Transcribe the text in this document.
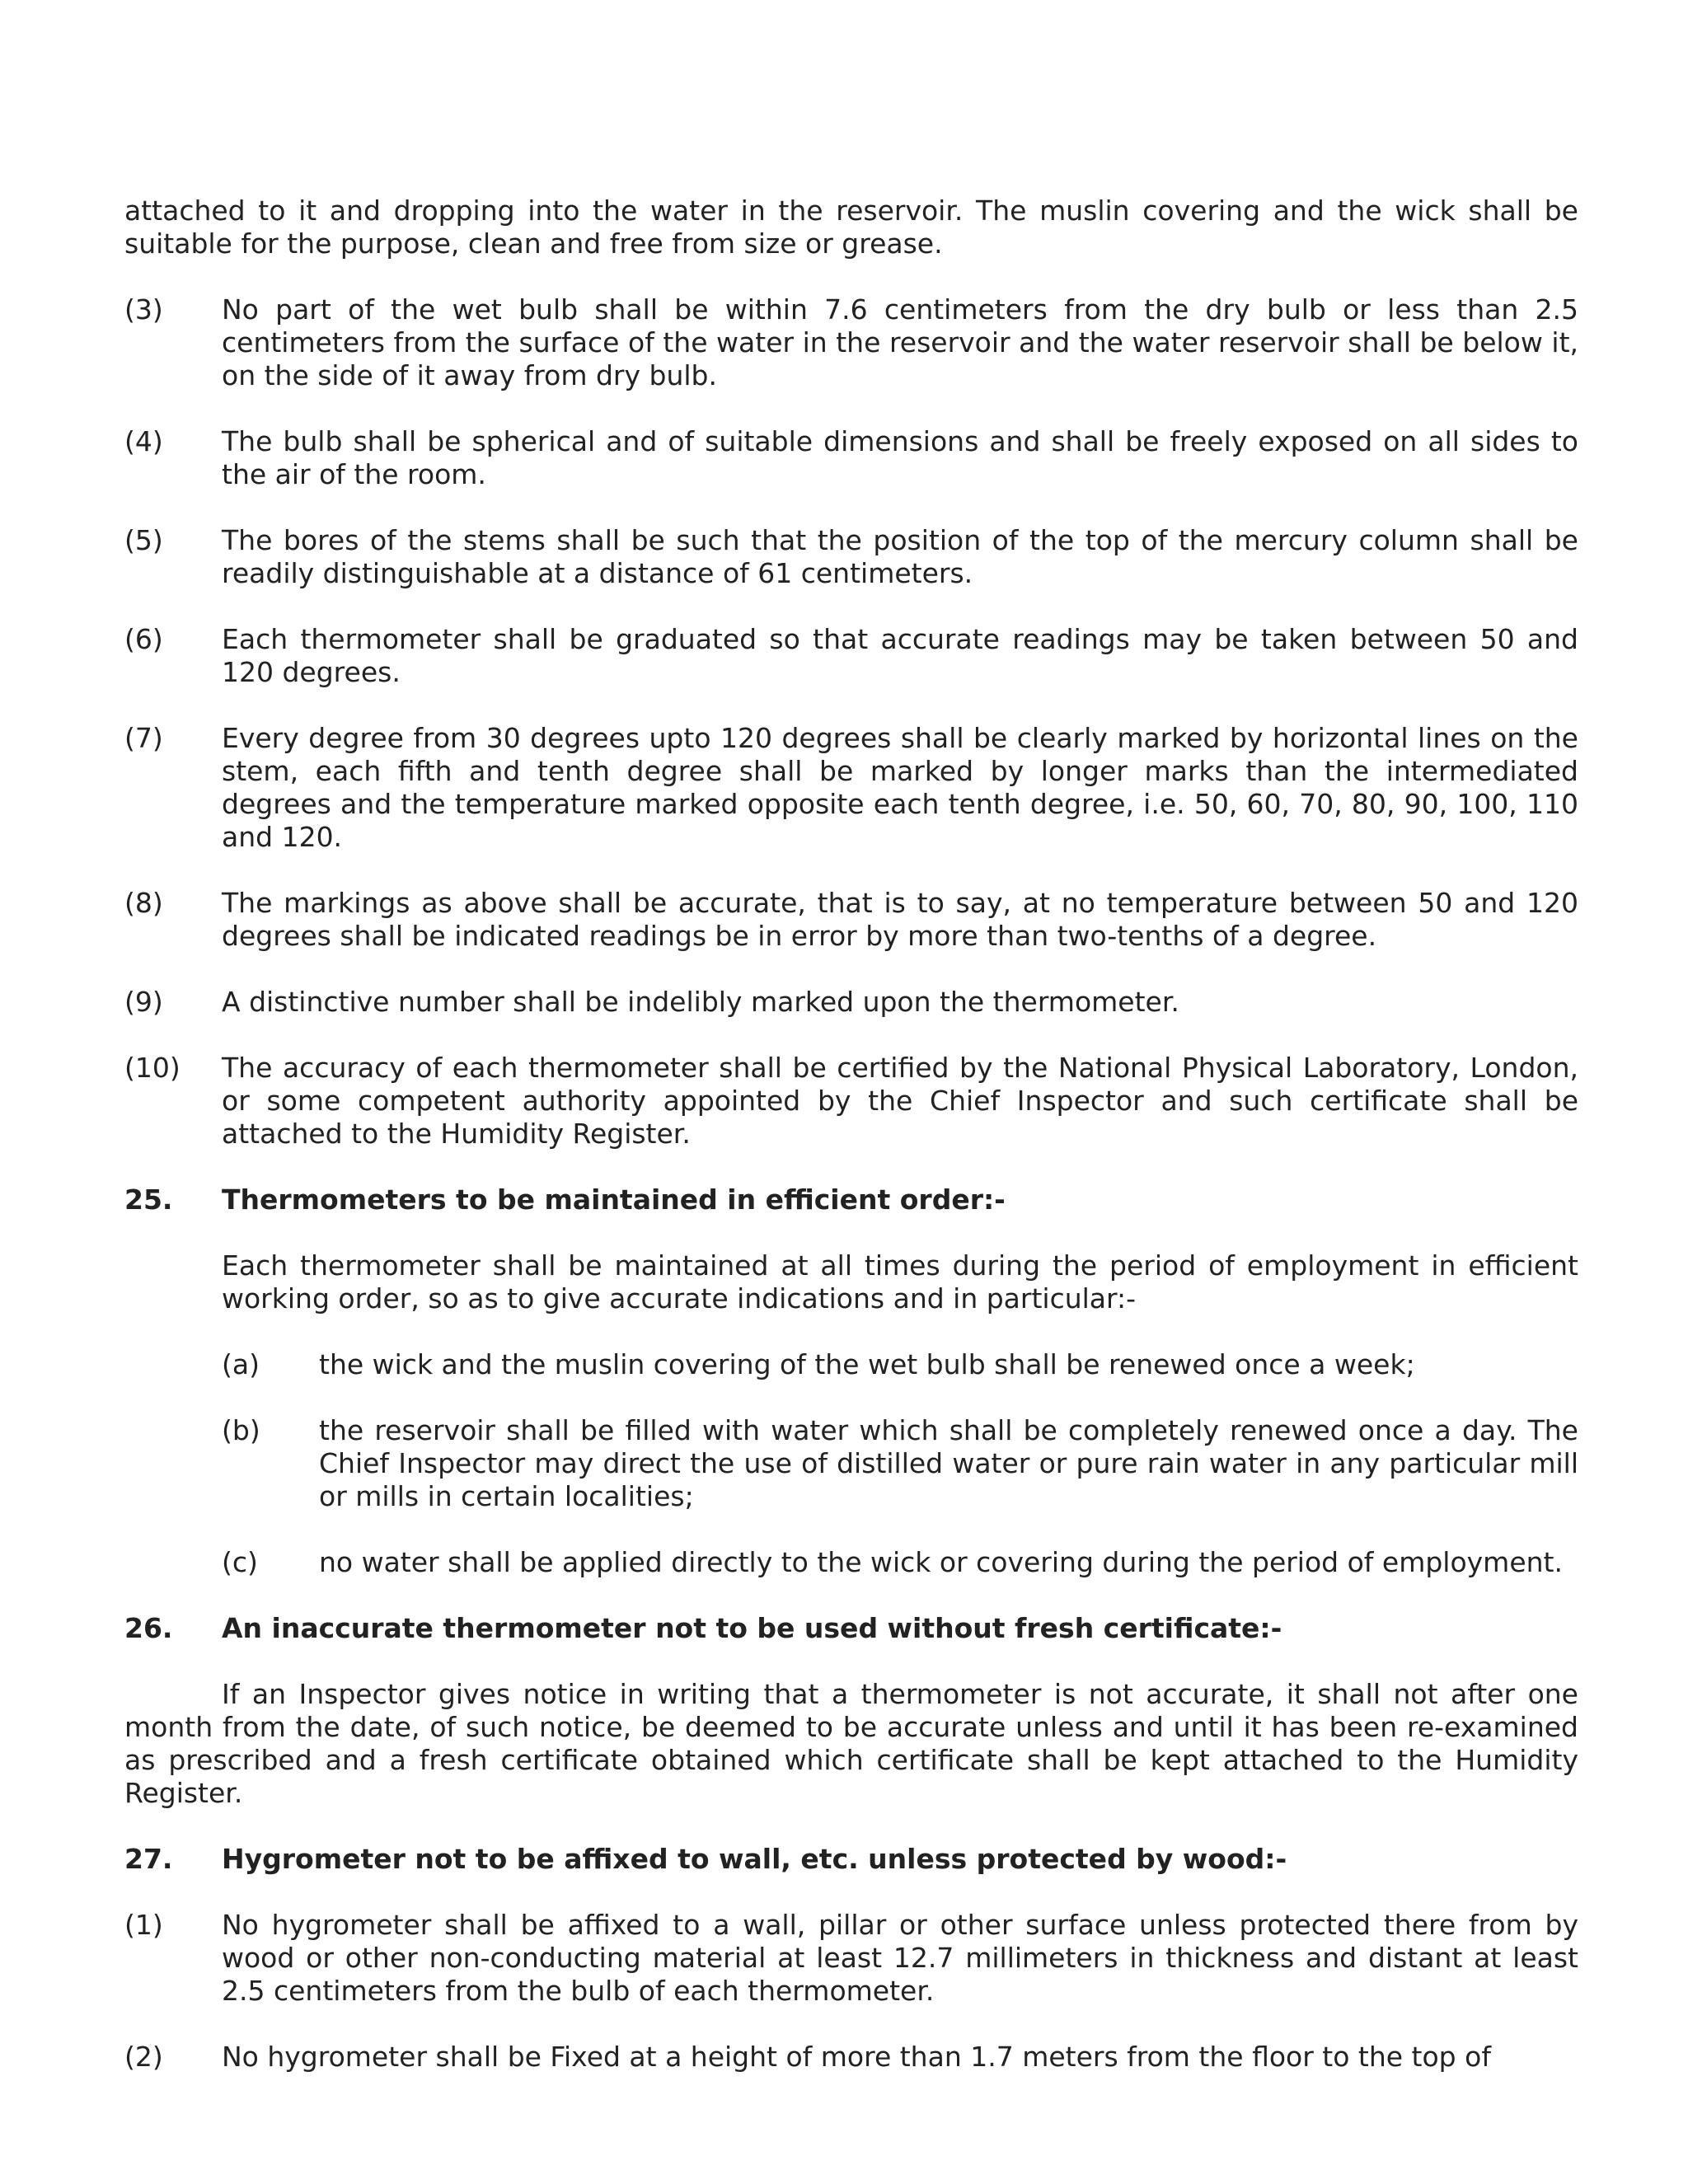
attached to it and dropping into the water in the reservoir. The muslin covering and the wick shall be suitable for the purpose, clean and free from size or grease.

(3)	No part of the wet bulb shall be within 7.6 centimeters from the dry bulb or less than 2.5 centimeters from the surface of the water in the reservoir and the water reservoir shall be below it, on the side of it away from dry bulb.
(4)	The bulb shall be spherical and of suitable dimensions and shall be freely exposed on all sides to the air of the room.
(5)	The bores of the stems shall be such that the position of the top of the mercury column shall be readily distinguishable at a distance of 61 centimeters.
(6)	Each thermometer shall be graduated so that accurate readings may be taken between 50 and 120 degrees.
(7)	Every degree from 30 degrees upto 120 degrees shall be clearly marked by horizontal lines on the stem, each fifth and tenth degree shall be marked by longer marks than the intermediated degrees and the temperature marked opposite each tenth degree, i.e. 50, 60, 70, 80, 90, 100, 110 and 120.
(8)	The markings as above shall be accurate, that is to say, at no temperature between 50 and 120 degrees shall be indicated readings be in error by more than two-tenths of a degree.
(9)	A distinctive number shall be indelibly marked upon the thermometer.
(10)	The accuracy of each thermometer shall be certified by the National Physical Laboratory, London, or some competent authority appointed by the Chief Inspector and such certificate shall be attached to the Humidity Register.
25.	Thermometers to be maintained in efficient order:-

Each thermometer shall be maintained at all times during the period of employment in efficient working order, so as to give accurate indications and in particular:-

(a)	the wick and the muslin covering of the wet bulb shall be renewed once a week;
(b)	the reservoir shall be filled with water which shall be completely renewed once a day. The Chief Inspector may direct the use of distilled water or pure rain water in any particular mill or mills in certain localities;
(c)	no water shall be applied directly to the wick or covering during the period of employment.
26.	An inaccurate thermometer not to be used without fresh certificate:-

If an Inspector gives notice in writing that a thermometer is not accurate, it shall not after one month from the date, of such notice, be deemed to be accurate unless and until it has been re-examined as prescribed and a fresh certificate obtained which certificate shall be kept attached to the Humidity Register.

27.	Hygrometer not to be affixed to wall, etc. unless protected by wood:-
(1)	No hygrometer shall be affixed to a wall, pillar or other surface unless protected there from by wood or other non-conducting material at least 12.7 millimeters in thickness and distant at least 2.5 centimeters from the bulb of each thermometer.
(2)	No hygrometer shall be Fixed at a height of more than 1.7 meters from the floor to the top of
